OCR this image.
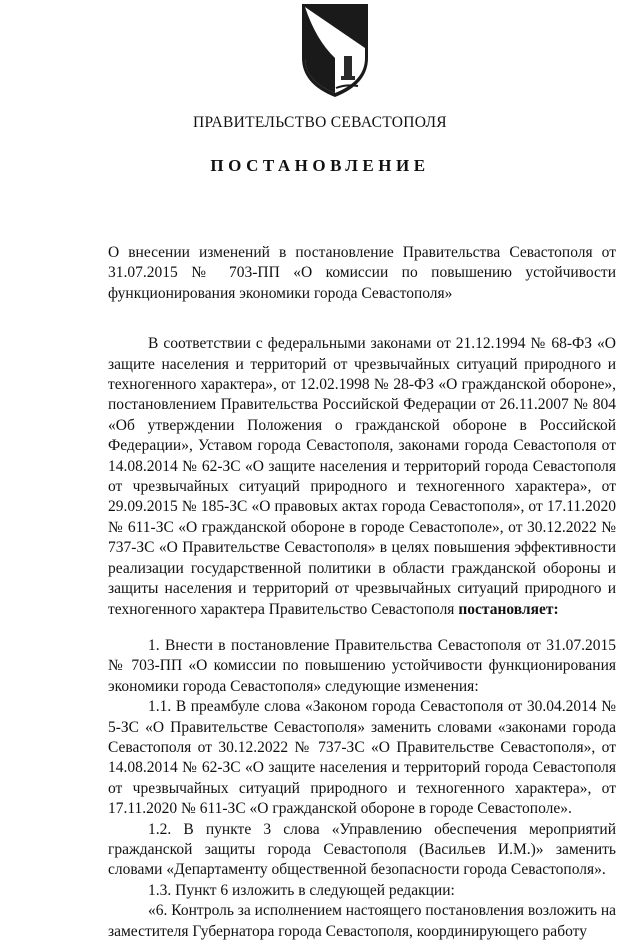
ПРАВИТЕЛЬСТВО СЕВАСТОПОЛЯ
ПОСТАНОВЛЕНИЕ

О внесении изменений в постановление Правительства Севастополя от 31.07.2015 № 703-ПП «О комиссии по повышению устойчивости функционирования экономики города Севастополя»

В соответствии с федеральными законами от 21.12.1994 № 68-ФЗ «О защите населения и территорий от чрезвычайных ситуаций природного и техногенного характера», от 12.02.1998 № 28-ФЗ «О гражданской обороне», постановлением Правительства Российской Федерации от 26.11.2007 № 804 «Об утверждении Положения о гражданской обороне в Российской Федерации», Уставом города Севастополя, законами города Севастополя от 14.08.2014 № 62-ЗС «О защите населения и территорий города Севастополя от чрезвычайных ситуаций природного и техногенного характера», от 29.09.2015 № 185-ЗС «О правовых актах города Севастополя», от 17.11.2020 № 611-ЗС «О гражданской обороне в городе Севастополе», от 30.12.2022 № 737-ЗС «О Правительстве Севастополя» в целях повышения эффективности реализации государственной политики в области гражданской обороны и защиты населения и территорий от чрезвычайных ситуаций природного и техногенного характера Правительство Севастополя постановляет:

1. Внести в постановление Правительства Севастополя от 31.07.2015 № 703-ПП «О комиссии по повышению устойчивости функционирования экономики города Севастополя» следующие изменения:

1.1. В преамбуле слова «Законом города Севастополя от 30.04.2014 № 5-ЗС «О Правительстве Севастополя» заменить словами «законами города Севастополя от 30.12.2022 № 737-ЗС «О Правительстве Севастополя», от 14.08.2014 № 62-ЗС «О защите населения и территорий города Севастополя от чрезвычайных ситуаций природного и техногенного характера», от 17.11.2020 № 611-ЗС «О гражданской обороне в городе Севастополе».

1.2. В пункте 3 слова «Управлению обеспечения мероприятий гражданской защиты города Севастополя (Васильев И.М.)» заменить словами «Департаменту общественной безопасности города Севастополя».

1.3. Пункт 6 изложить в следующей редакции:

«6. Контроль за исполнением настоящего постановления возложить на заместителя Губернатора города Севастополя, координирующего работу
